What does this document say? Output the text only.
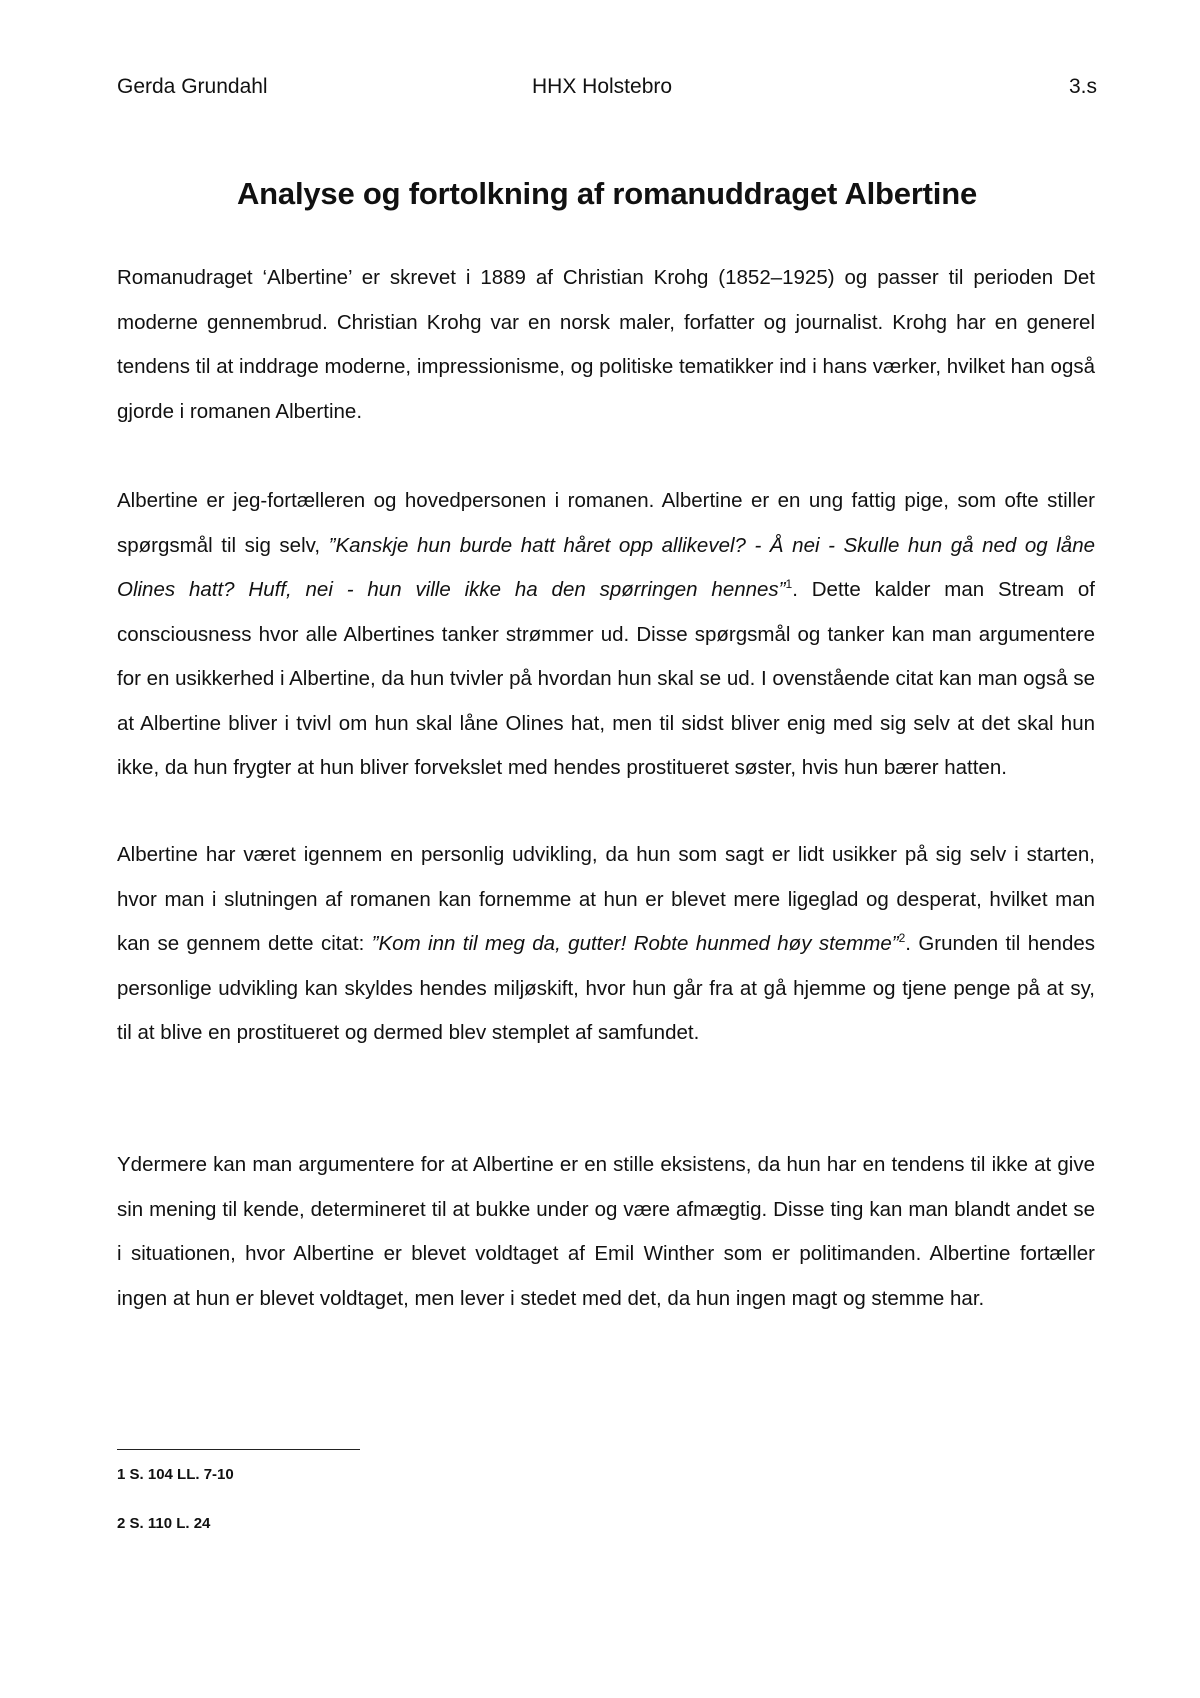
Gerda Grundahl	HHX Holstebro	3.s
Analyse og fortolkning af romanuddraget Albertine

Romanudraget ‘Albertine’ er skrevet i 1889 af Christian Krohg (1852–1925) og passer til perioden Det moderne gennembrud. Christian Krohg var en norsk maler, forfatter og journalist. Krohg har en generel tendens til at inddrage moderne, impressionisme, og politiske tematikker ind i hans værker, hvilket han også gjorde i romanen Albertine.

Albertine er jeg-fortælleren og hovedpersonen i romanen. Albertine er en ung fattig pige, som ofte stiller spørgsmål til sig selv, ”Kanskje hun burde hatt håret opp allikevel? - Å nei - Skulle hun gå ned og låne Olines hatt? Huff, nei - hun ville ikke ha den spørringen hennes”$^1$. Dette kalder man Stream of consciousness hvor alle Albertines tanker strømmer ud. Disse spørgsmål og tanker kan man argumentere for en usikkerhed i Albertine, da hun tvivler på hvordan hun skal se ud. I ovenstående citat kan man også se at Albertine bliver i tvivl om hun skal låne Olines hat, men til sidst bliver enig med sig selv at det skal hun ikke, da hun frygter at hun bliver forvekslet med hendes prostitueret søster, hvis hun bærer hatten.

Albertine har været igennem en personlig udvikling, da hun som sagt er lidt usikker på sig selv i starten, hvor man i slutningen af romanen kan fornemme at hun er blevet mere ligeglad og desperat, hvilket man kan se gennem dette citat: ”Kom inn til meg da, gutter! Robte hunmed høy stemme”$^2$. Grunden til hendes personlige udvikling kan skyldes hendes miljøskift, hvor hun går fra at gå hjemme og tjene penge på at sy, til at blive en prostitueret og dermed blev stemplet af samfundet.

Ydermere kan man argumentere for at Albertine er en stille eksistens, da hun har en tendens til ikke at give sin mening til kende, determineret til at bukke under og være afmægtig. Disse ting kan man blandt andet se i situationen, hvor Albertine er blevet voldtaget af Emil Winther som er politimanden. Albertine fortæller ingen at hun er blevet voldtaget, men lever i stedet med det, da hun ingen magt og stemme har.

1 S. 104 LL. 7-10

2 S. 110 L. 24
